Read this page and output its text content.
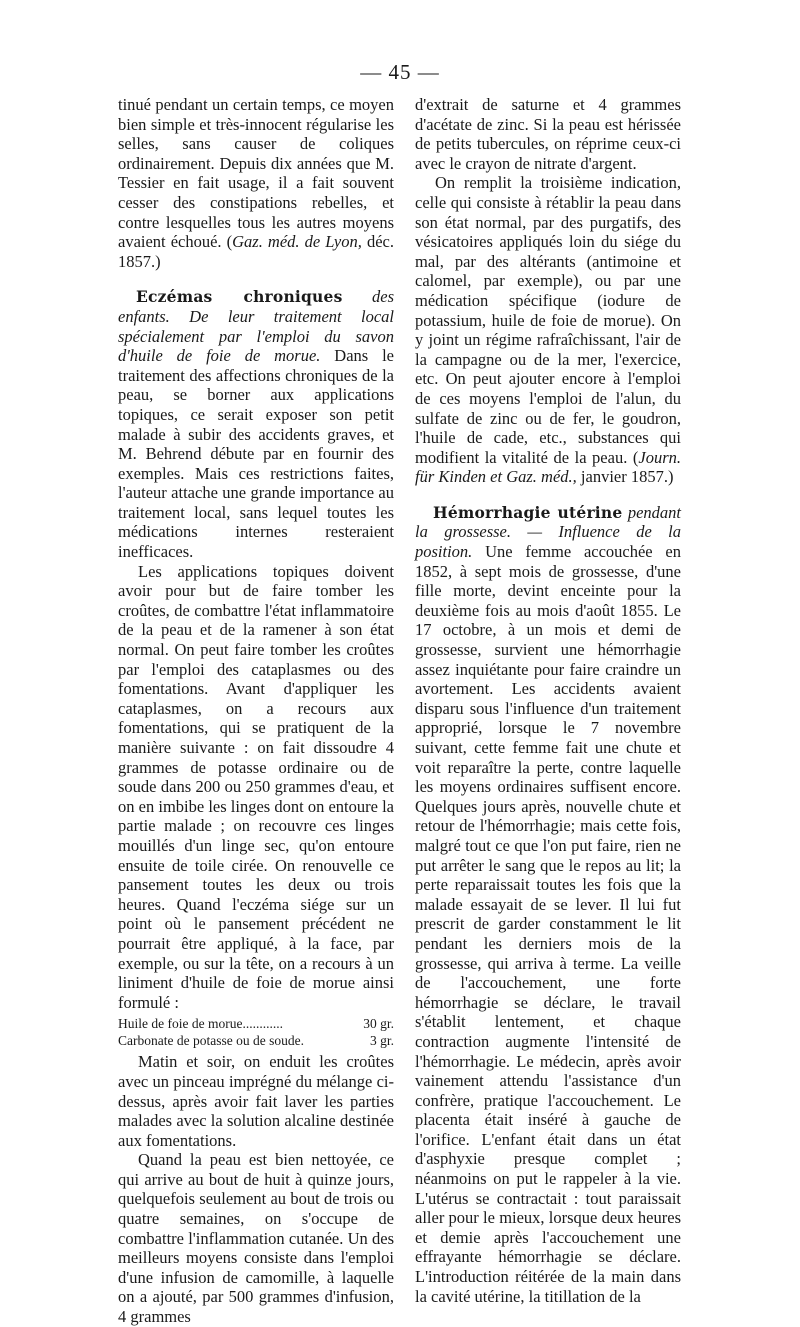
— 45 —

tinué pendant un certain temps, ce moyen bien simple et très-innocent régularise les selles, sans causer de coliques ordinairement. Depuis dix années que M. Tessier en fait usage, il a fait souvent cesser des constipations rebelles, et contre lesquelles tous les autres moyens avaient échoué. (Gaz. méd. de Lyon, déc. 1857.)

Eczémas chroniques des enfants. De leur traitement local spécialement par l'emploi du savon d'huile de foie de morue. Dans le traitement des affections chroniques de la peau, se borner aux applications topiques, ce serait exposer son petit malade à subir des accidents graves, et M. Behrend débute par en fournir des exemples. Mais ces restrictions faites, l'auteur attache une grande importance au traitement local, sans lequel toutes les médications internes resteraient inefficaces.

Les applications topiques doivent avoir pour but de faire tomber les croûtes, de combattre l'état inflammatoire de la peau et de la ramener à son état normal. On peut faire tomber les croûtes par l'emploi des cataplasmes ou des fomentations. Avant d'appliquer les cataplasmes, on a recours aux fomentations, qui se pratiquent de la manière suivante : on fait dissoudre 4 grammes de potasse ordinaire ou de soude dans 200 ou 250 grammes d'eau, et on en imbibe les linges dont on entoure la partie malade ; on recouvre ces linges mouillés d'un linge sec, qu'on entoure ensuite de toile cirée. On renouvelle ce pansement toutes les deux ou trois heures. Quand l'eczéma siége sur un point où le pansement précédent ne pourrait être appliqué, à la face, par exemple, ou sur la tête, on a recours à un liniment d'huile de foie de morue ainsi formulé :

Huile de foie de morue............	30 gr.
Carbonate de potasse ou de soude.	3 gr.

Matin et soir, on enduit les croûtes avec un pinceau imprégné du mélange ci-dessus, après avoir fait laver les parties malades avec la solution alcaline destinée aux fomentations.

Quand la peau est bien nettoyée, ce qui arrive au bout de huit à quinze jours, quelquefois seulement au bout de trois ou quatre semaines, on s'occupe de combattre l'inflammation cutanée. Un des meilleurs moyens consiste dans l'emploi d'une infusion de camomille, à laquelle on a ajouté, par 500 grammes d'infusion, 4 grammes

d'extrait de saturne et 4 grammes d'acétate de zinc. Si la peau est hérissée de petits tubercules, on réprime ceux-ci avec le crayon de nitrate d'argent.

On remplit la troisième indication, celle qui consiste à rétablir la peau dans son état normal, par des purgatifs, des vésicatoires appliqués loin du siége du mal, par des altérants (antimoine et calomel, par exemple), ou par une médication spécifique (iodure de potassium, huile de foie de morue). On y joint un régime rafraîchissant, l'air de la campagne ou de la mer, l'exercice, etc. On peut ajouter encore à l'emploi de ces moyens l'emploi de l'alun, du sulfate de zinc ou de fer, le goudron, l'huile de cade, etc., substances qui modifient la vitalité de la peau. (Journ. für Kinden et Gaz. méd., janvier 1857.)

Hémorrhagie utérine pendant la grossesse. — Influence de la position. Une femme accouchée en 1852, à sept mois de grossesse, d'une fille morte, devint enceinte pour la deuxième fois au mois d'août 1855. Le 17 octobre, à un mois et demi de grossesse, survient une hémorrhagie assez inquiétante pour faire craindre un avortement. Les accidents avaient disparu sous l'influence d'un traitement approprié, lorsque le 7 novembre suivant, cette femme fait une chute et voit reparaître la perte, contre laquelle les moyens ordinaires suffisent encore. Quelques jours après, nouvelle chute et retour de l'hémorrhagie; mais cette fois, malgré tout ce que l'on put faire, rien ne put arrêter le sang que le repos au lit; la perte reparaissait toutes les fois que la malade essayait de se lever. Il lui fut prescrit de garder constamment le lit pendant les derniers mois de la grossesse, qui arriva à terme. La veille de l'accouchement, une forte hémorrhagie se déclare, le travail s'établit lentement, et chaque contraction augmente l'intensité de l'hémorrhagie. Le médecin, après avoir vainement attendu l'assistance d'un confrère, pratique l'accouchement. Le placenta était inséré à gauche de l'orifice. L'enfant était dans un état d'asphyxie presque complet ; néanmoins on put le rappeler à la vie. L'utérus se contractait : tout paraissait aller pour le mieux, lorsque deux heures et demie après l'accouchement une effrayante hémorrhagie se déclare. L'introduction réitérée de la main dans la cavité utérine, la titillation de la
